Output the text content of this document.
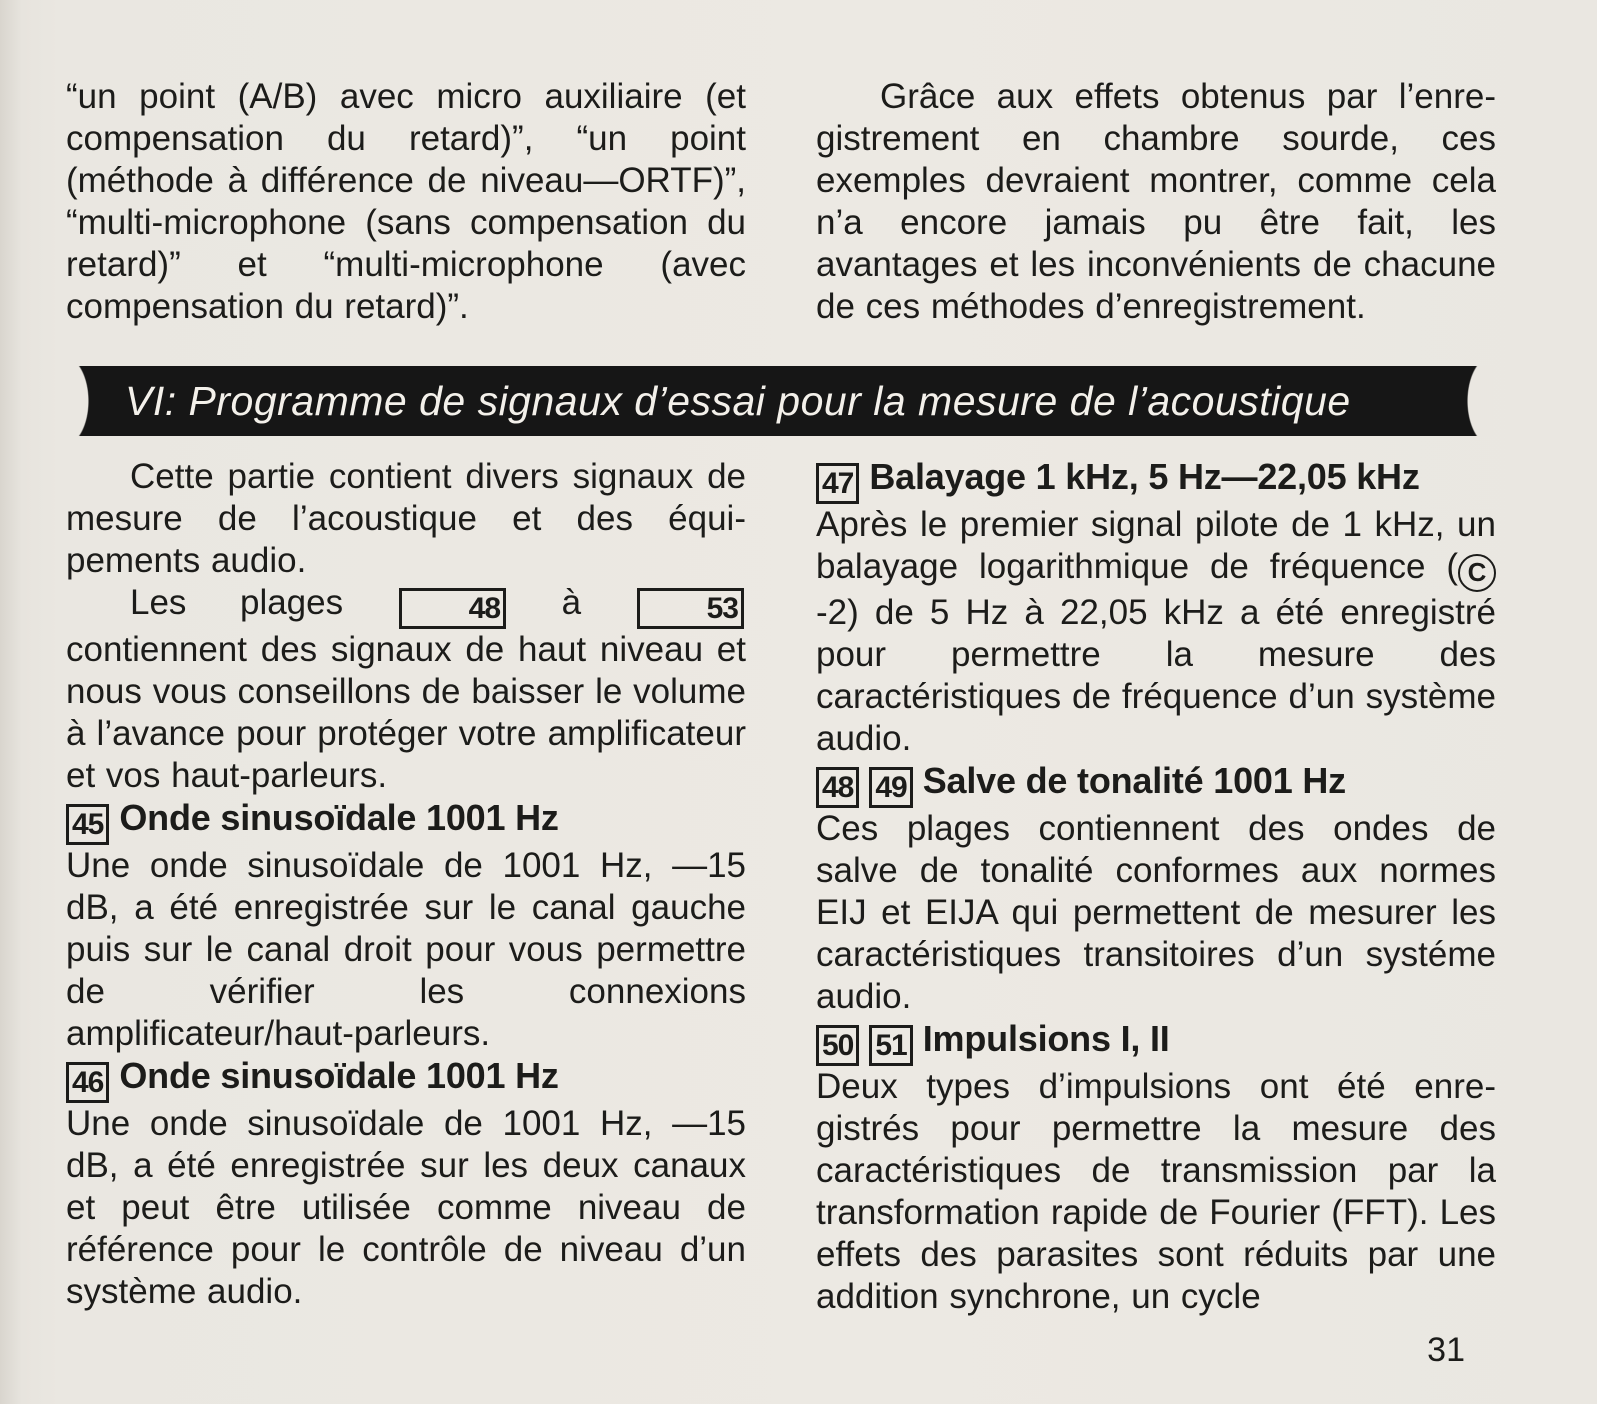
“un point (A/B) avec micro auxiliaire (et compensation du retard)”, “un point (méthode à différence de niveau—ORTF)”, “multi-microphone (sans compensation du retard)” et “multi-microphone (avec compensation du retard)”.

Grâce aux effets obtenus par l’enregistrement en chambre sourde, ces exemples devraient montrer, comme cela n’a encore jamais pu être fait, les avantages et les inconvénients de chacune de ces méthodes d’enregistrement.

VI: Programme de signaux d’essai pour la mesure de l’acoustique

Cette partie contient divers signaux de mesure de l’acoustique et des équipements audio.

Les plages 48 à 53 contiennent des signaux de haut niveau et nous vous conseillons de baisser le volume à l’avance pour protéger votre amplificateur et vos haut-parleurs.

45 Onde sinusoïdale 1001 Hz

Une onde sinusoïdale de 1001 Hz, —15 dB, a été enregistrée sur le canal gauche puis sur le canal droit pour vous permettre de vérifier les connexions amplificateur/haut-parleurs.

46 Onde sinusoïdale 1001 Hz

Une onde sinusoïdale de 1001 Hz, —15 dB, a été enregistrée sur les deux canaux et peut être utilisée comme niveau de référence pour le contrôle de niveau d’un système audio.

47 Balayage 1 kHz, 5 Hz—22,05 kHz

Après le premier signal pilote de 1 kHz, un balayage logarithmique de fréquence ( C-2) de 5 Hz à 22,05 kHz a été enregistré pour permettre la mesure des caractéristiques de fréquence d’un système audio.

48 49 Salve de tonalité 1001 Hz

Ces plages contiennent des ondes de salve de tonalité conformes aux normes EIJ et EIJA qui permettent de mesurer les caractéristiques transitoires d’un systéme audio.

50 51 Impulsions I, II

Deux types d’impulsions ont été enregistrés pour permettre la mesure des caractéristiques de transmission par la transformation rapide de Fourier (FFT). Les effets des parasites sont réduits par une addition synchrone, un cycle

31
